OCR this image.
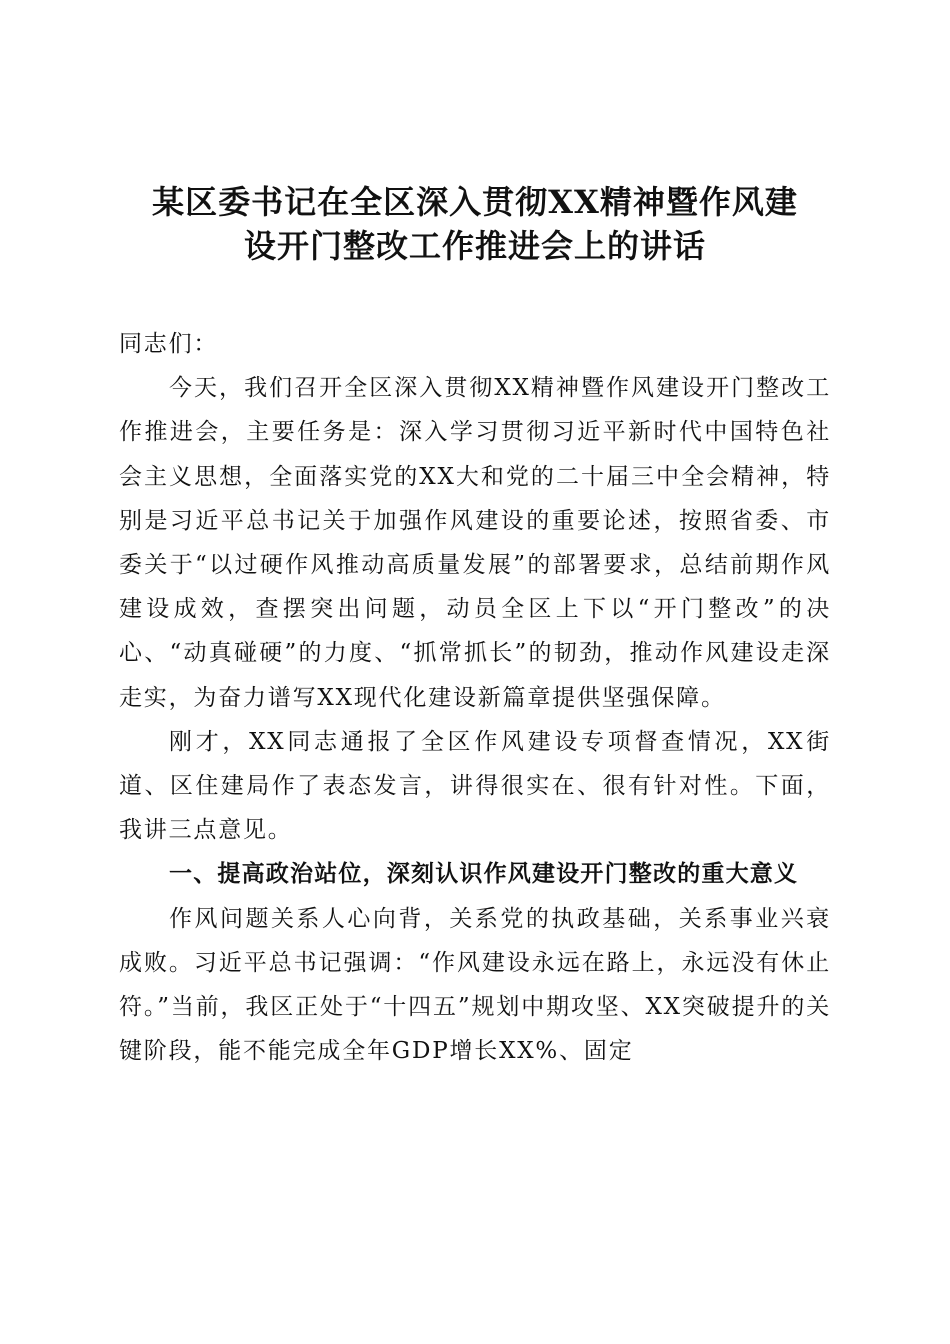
某区委书记在全区深入贯彻XX精神暨作风建
设开门整改工作推进会上的讲话

同志们：

今天，我们召开全区深入贯彻XX精神暨作风建设开门整改工作推进会，主要任务是：深入学习贯彻习近平新时代中国特色社会主义思想，全面落实党的XX大和党的二十届三中全会精神，特别是习近平总书记关于加强作风建设的重要论述，按照省委、市委关于“以过硬作风推动高质量发展”的部署要求，总结前期作风建设成效，查摆突出问题，动员全区上下以“开门整改”的决心、“动真碰硬”的力度、“抓常抓长”的韧劲，推动作风建设走深走实，为奋力谱写XX现代化建设新篇章提供坚强保障。

刚才，XX同志通报了全区作风建设专项督查情况，XX街道、区住建局作了表态发言，讲得很实在、很有针对性。下面，我讲三点意见。

一、提高政治站位，深刻认识作风建设开门整改的重大意义

作风问题关系人心向背，关系党的执政基础，关系事业兴衰成败。习近平总书记强调：“作风建设永远在路上，永远没有休止符。”当前，我区正处于“十四五”规划中期攻坚、XX突破提升的关键阶段，能不能完成全年GDP增长XX%、固定
